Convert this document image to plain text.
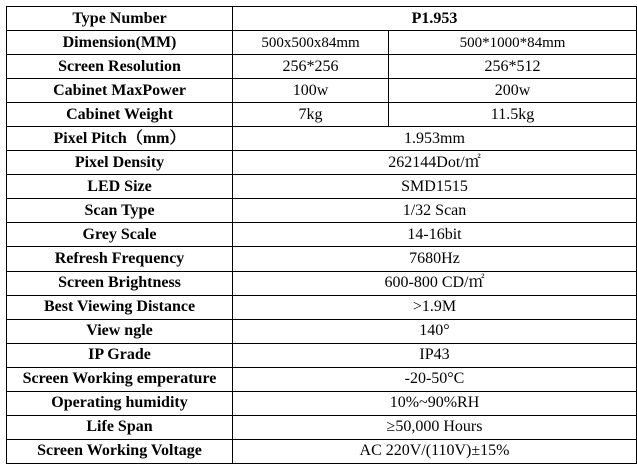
Type Number	P1.953	
Dimension(MM)	500x500x84mm	500*1000*84mm
Screen Resolution	256*256	256*512
Cabinet MaxPower	100w	200w
Cabinet Weight	7kg	11.5kg
Pixel Pitch（mm）	1.953mm	
Pixel Density	262144Dot/㎡	
LED Size	SMD1515	
Scan Type	1/32 Scan	
Grey Scale	14-16bit	
Refresh Frequency	7680Hz	
Screen Brightness	600-800 CD/㎡	
Best Viewing Distance	>1.9M	
View ngle	140°	
IP Grade	IP43	
Screen Working emperature	-20-50°C	
Operating humidity	10%~90%RH	
Life Span	≥50,000 Hours	
Screen Working Voltage	AC 220V/(110V)±15%	
